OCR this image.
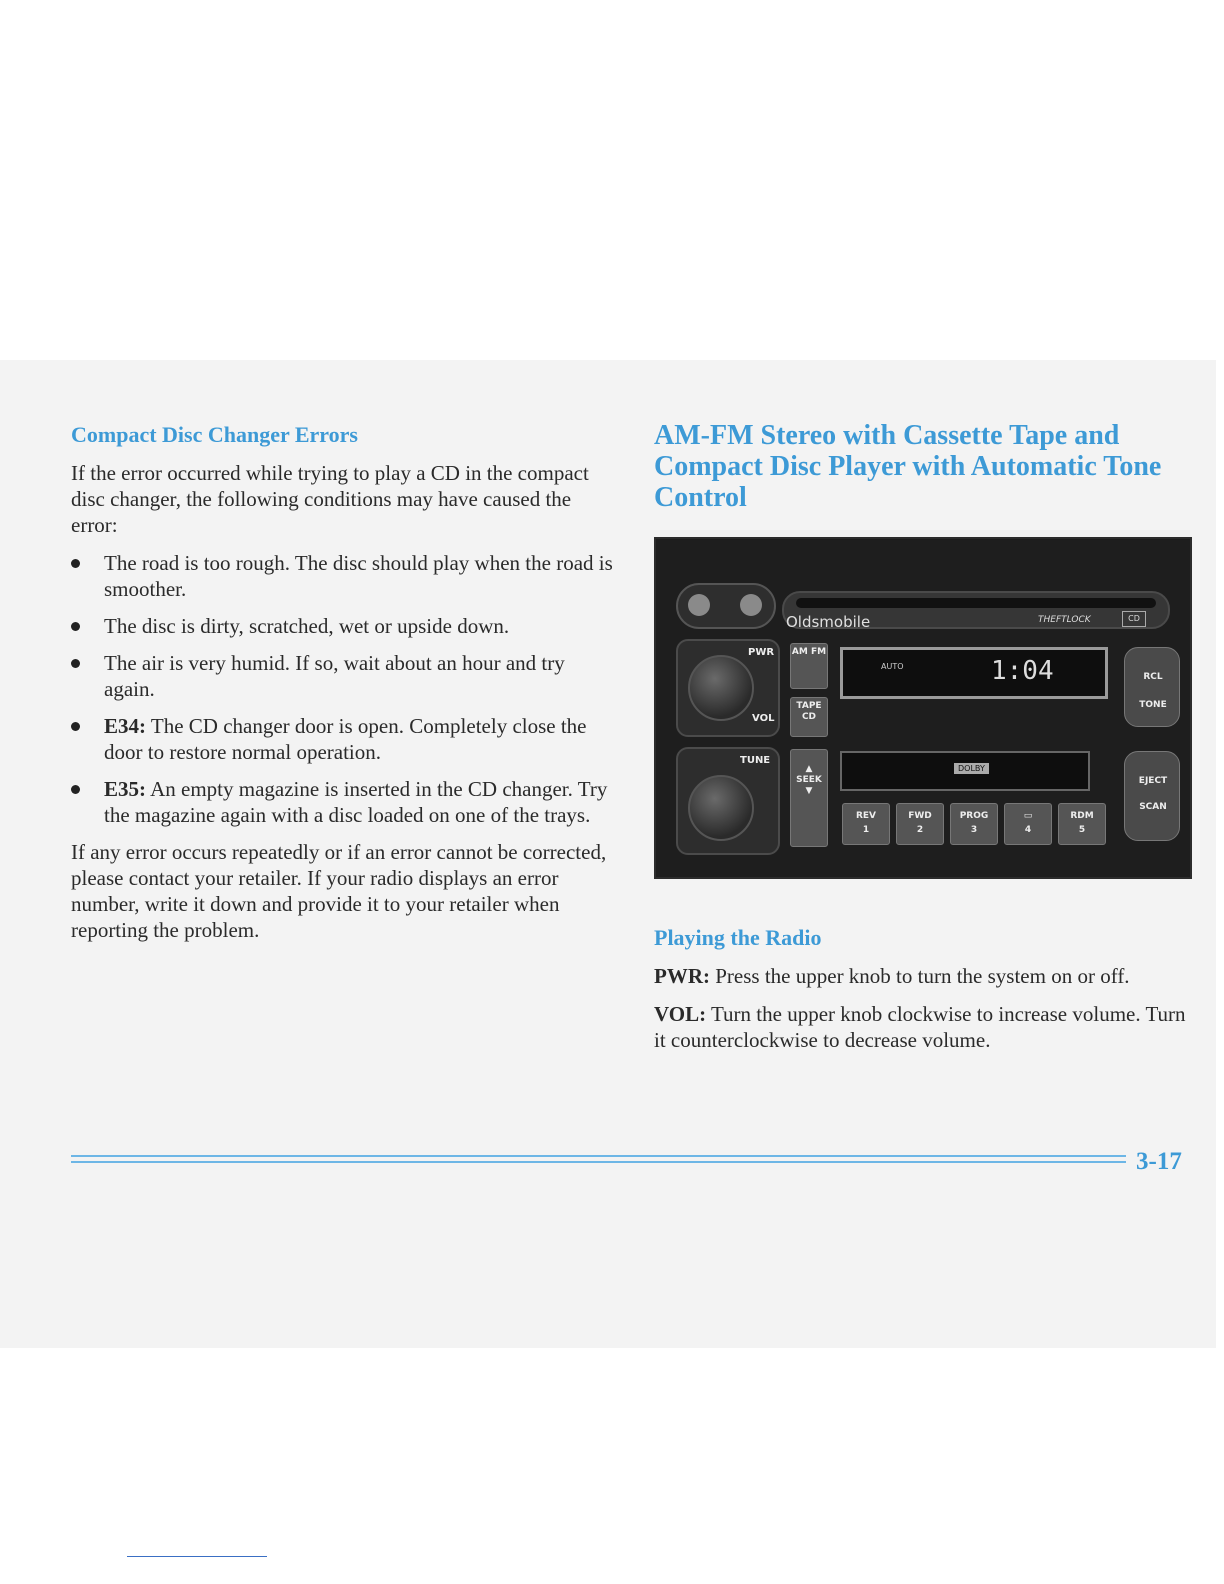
Compact Disc Changer Errors

If the error occurred while trying to play a CD in the compact disc changer, the following conditions may have caused the error:

The road is too rough. The disc should play when the road is smoother.
The disc is dirty, scratched, wet or upside down.
The air is very humid. If so, wait about an hour and try again.
E34: The CD changer door is open. Completely close the door to restore normal operation.
E35: An empty magazine is inserted in the CD changer. Try the magazine again with a disc loaded on one of the trays.

If any error occurs repeatedly or if an error cannot be corrected, please contact your retailer. If your radio displays an error number, write it down and provide it to your retailer when reporting the problem.

AM-FM Stereo with Cassette Tape and Compact Disc Player with Automatic Tone Control
Oldsmobile	THEFTLOCK	CD
PWR
VOL
AM FM
TAPE CD
AUTO	1:04
TUNE
▲
SEEK
▼
DOLBY
REV
1
FWD
2
PROG
3
▭
4
RDM
5
RCL
TONE
EJECT
SCAN
Playing the Radio

PWR: Press the upper knob to turn the system on or off.

VOL: Turn the upper knob clockwise to increase volume. Turn it counterclockwise to decrease volume.

3-17
